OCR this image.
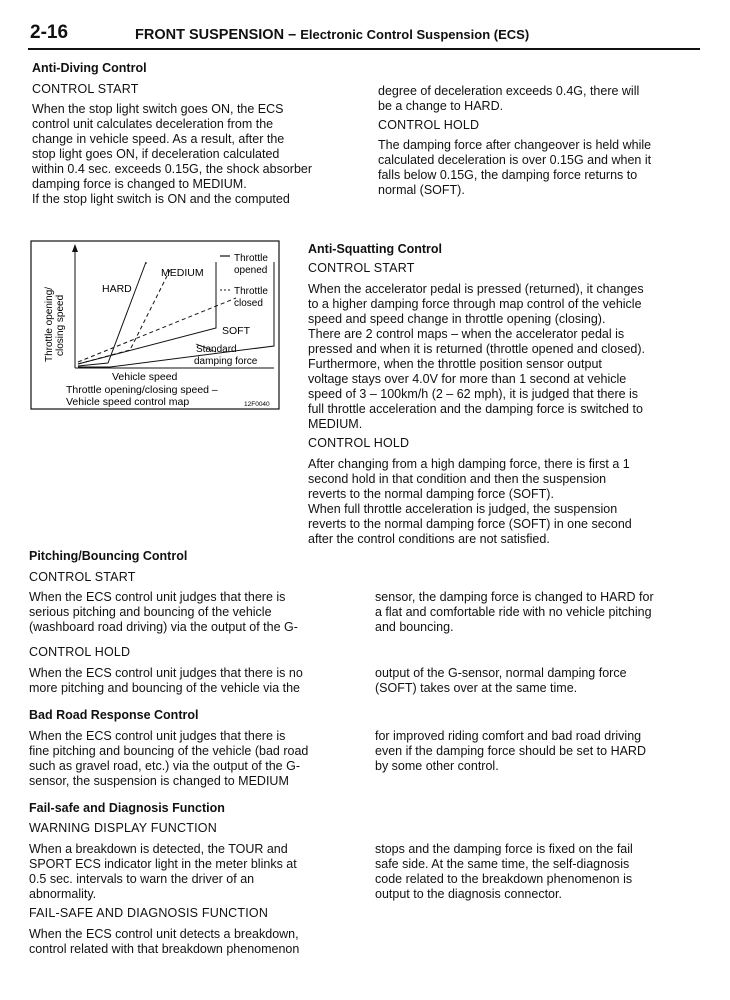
2-16	FRONT SUSPENSION – Electronic Control Suspension (ECS)
Anti-Diving Control
CONTROL START
When the stop light switch goes ON, the ECS
control unit calculates deceleration from the
change in vehicle speed. As a result, after the
stop light goes ON, if deceleration calculated
within 0.4 sec. exceeds 0.15G, the shock absorber
damping force is changed to MEDIUM.
If the stop light switch is ON and the computed
degree of deceleration exceeds 0.4G, there will
be a change to HARD.
CONTROL HOLD
The damping force after changeover is held while
calculated deceleration is over 0.15G and when it
falls below 0.15G, the damping force returns to
normal (SOFT).
Throttle opening/ closing speed
HARD
MEDIUM
SOFT
Standard
damping force
Throttle
opened
Throttle
closed
Vehicle speed
Throttle opening/closing speed –
Vehicle speed control map	12F0040
Anti-Squatting Control
CONTROL START
When the accelerator pedal is pressed (returned), it changes
to a higher damping force through map control of the vehicle
speed and speed change in throttle opening (closing).
There are 2 control maps – when the accelerator pedal is
pressed and when it is returned (throttle opened and closed).
Furthermore, when the throttle position sensor output
voltage stays over 4.0V for more than 1 second at vehicle
speed of 3 – 100km/h (2 – 62 mph), it is judged that there is
full throttle acceleration and the damping force is switched to
MEDIUM.
CONTROL HOLD
After changing from a high damping force, there is first a 1
second hold in that condition and then the suspension
reverts to the normal damping force (SOFT).
When full throttle acceleration is judged, the suspension
reverts to the normal damping force (SOFT) in one second
after the control conditions are not satisfied.
Pitching/Bouncing Control
CONTROL START
When the ECS control unit judges that there is
serious pitching and bouncing of the vehicle
(washboard road driving) via the output of the G-
sensor, the damping force is changed to HARD for
a flat and comfortable ride with no vehicle pitching
and bouncing.
CONTROL HOLD
When the ECS control unit judges that there is no
more pitching and bouncing of the vehicle via the
output of the G-sensor, normal damping force
(SOFT) takes over at the same time.
Bad Road Response Control
When the ECS control unit judges that there is
fine pitching and bouncing of the vehicle (bad road
such as gravel road, etc.) via the output of the G-
sensor, the suspension is changed to MEDIUM
for improved riding comfort and bad road driving
even if the damping force should be set to HARD
by some other control.
Fail-safe and Diagnosis Function
WARNING DISPLAY FUNCTION
When a breakdown is detected, the TOUR and
SPORT ECS indicator light in the meter blinks at
0.5 sec. intervals to warn the driver of an
abnormality.
stops and the damping force is fixed on the fail
safe side. At the same time, the self-diagnosis
code related to the breakdown phenomenon is
output to the diagnosis connector.
FAIL-SAFE AND DIAGNOSIS FUNCTION
When the ECS control unit detects a breakdown,
control related with that breakdown phenomenon
